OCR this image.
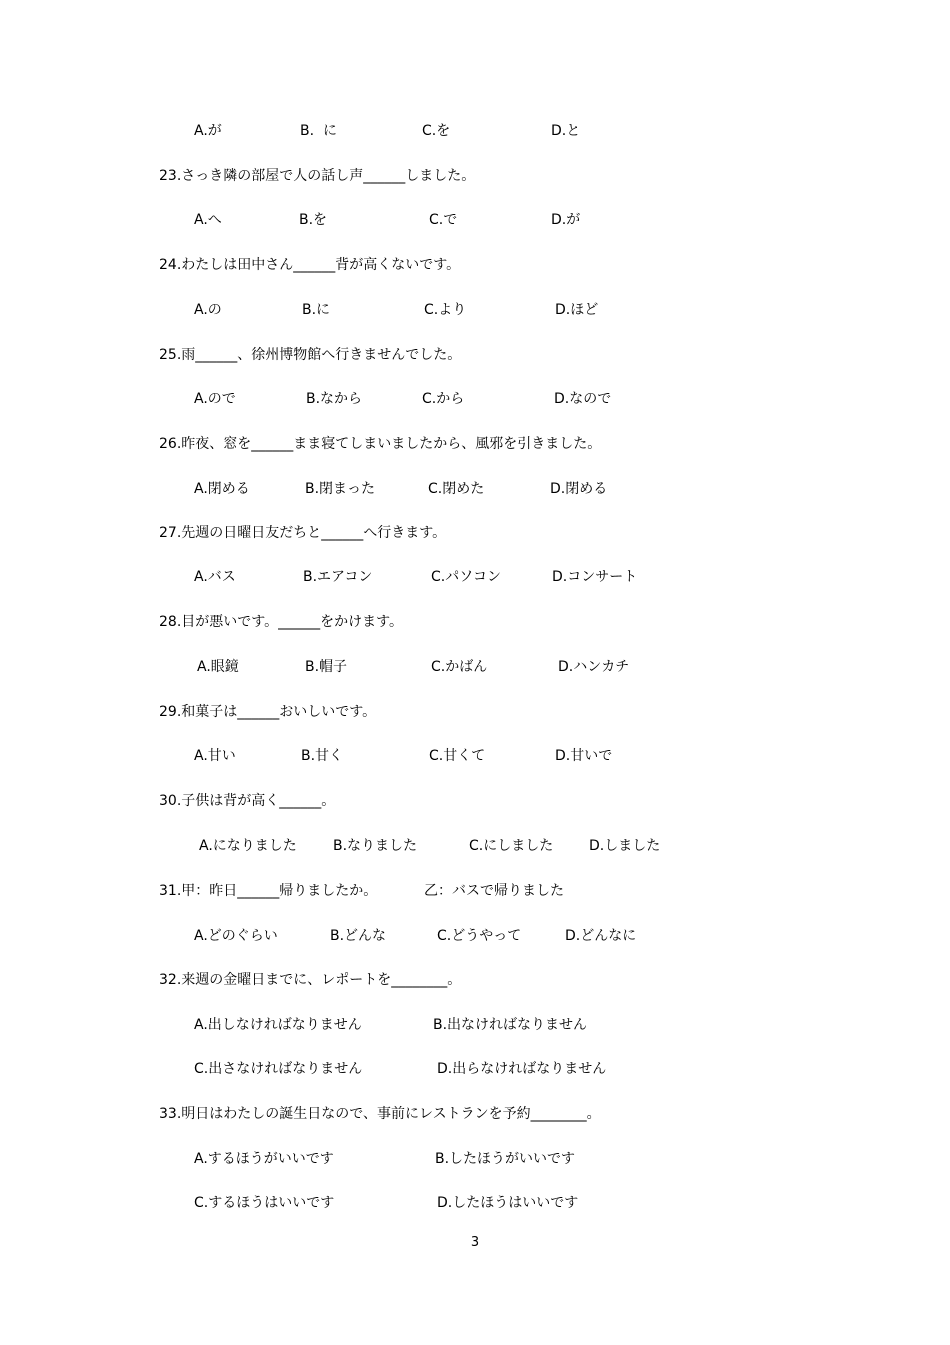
A.が	B.  に	C.を	D.と
23.さっき隣の部屋で人の話し声______しました。
A.へ	B.を	C.で	D.が
24.わたしは田中さん______背が高くないです。
A.の	B.に	C.より	D.ほど
25.雨______、徐州博物館へ行きませんでした。
A.ので	B.なから	C.から	D.なので
26.昨夜、窓を______まま寝てしまいましたから、風邪を引きました。
A.閉める	B.閉まった	C.閉めた	D.閉める
27.先週の日曜日友だちと______へ行きます。
A.バス	B.エアコン	C.パソコン	D.コンサート
28.目が悪いです。______をかけます。
A.眼鏡	B.帽子	C.かばん	D.ハンカチ
29.和菓子は______おいしいです。
A.甘い	B.甘く	C.甘くて	D.甘いで
30.子供は背が高く______。
A.になりました	B.なりました	C.にしました	D.しました
31.甲：昨日______帰りましたか。	乙：バスで帰りました
A.どのぐらい	B.どんな	C.どうやって	D.どんなに
32.来週の金曜日までに、レポートを________。
A.出しなければなりません	B.出なければなりません
C.出さなければなりません	D.出らなければなりません
33.明日はわたしの誕生日なので、事前にレストランを予約________。
A.するほうがいいです	B.したほうがいいです
C.するほうはいいです	D.したほうはいいです
3
